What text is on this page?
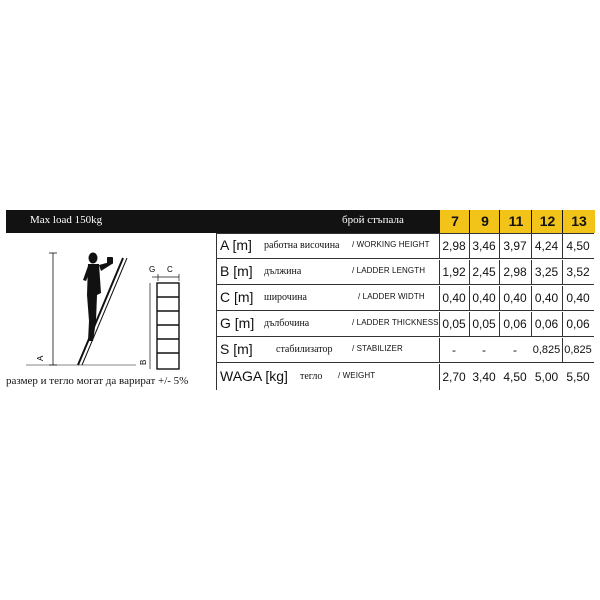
Max load 150kg	брой стъпала	7	9	11	12	13
A
B
G C
размер и тегло могат да варират +/- 5%
A [m] работна височина / WORKING HEIGHT 2,98 3,46 3,97 4,24 4,50
B [m] дължина	/ LADDER LENGTH 1,92 2,45 2,98 3,25 3,52
C [m] широчина	/ LADDER WIDTH 0,40 0,40 0,40 0,40 0,40
G [m] дълбочина	/ LADDER THICKNESS 0,05 0,05 0,06 0,06 0,06
S [m] стабилизатор / STABILIZER	-	-	-	0,825 0,825
WAGA [kg] тегло / WEIGHT	2,70 3,40 4,50 5,00 5,50
